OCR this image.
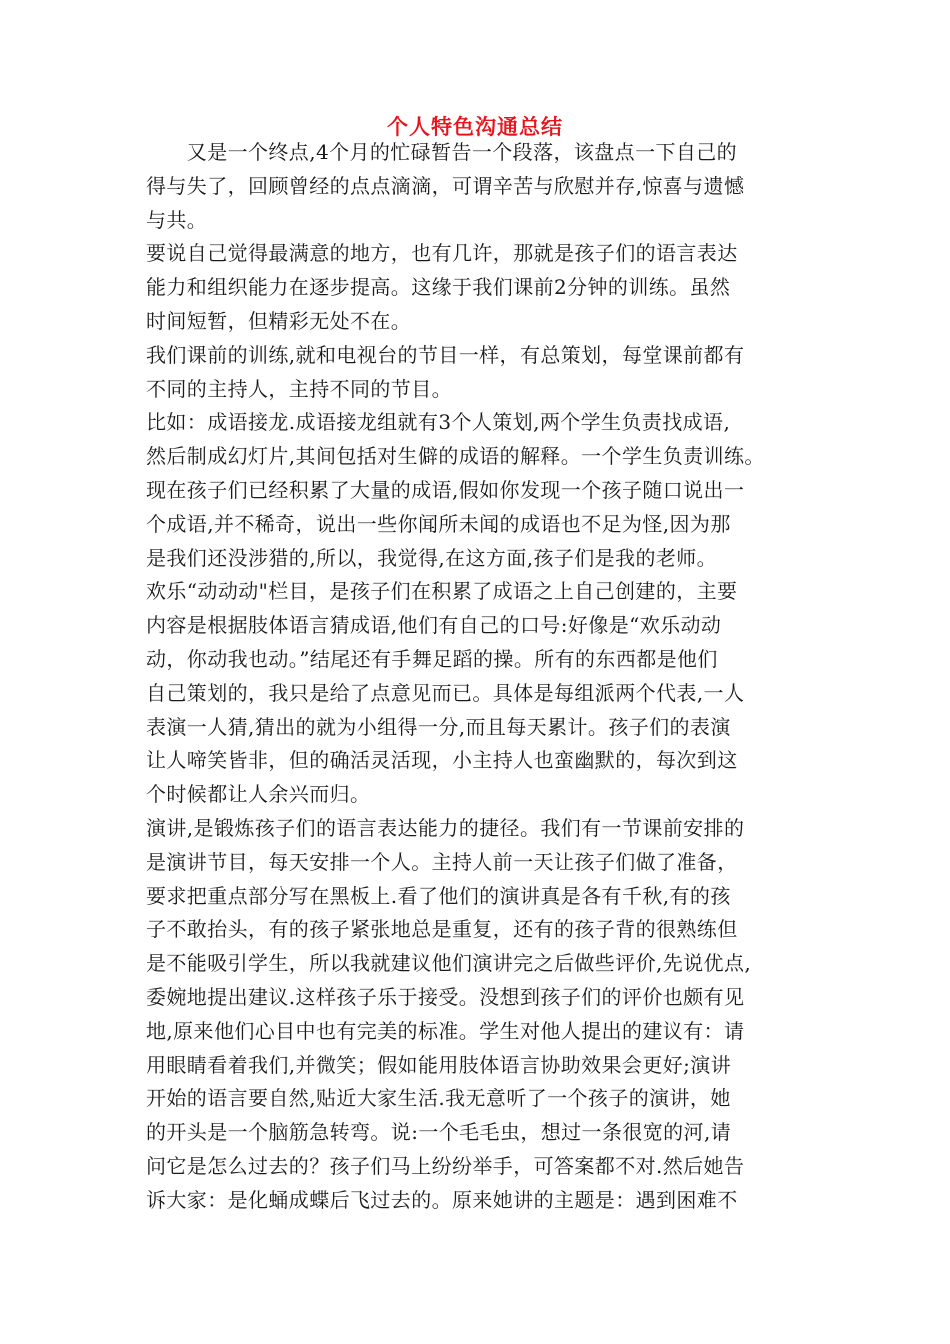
个人特色沟通总结
　　又是一个终点,4个月的忙碌暂告一个段落，该盘点一下自己的
得与失了，回顾曾经的点点滴滴，可谓辛苦与欣慰并存,惊喜与遗憾
与共。
要说自己觉得最满意的地方，也有几许，那就是孩子们的语言表达
能力和组织能力在逐步提高。这缘于我们课前2分钟的训练。虽然
时间短暂，但精彩无处不在。
我们课前的训练,就和电视台的节目一样，有总策划，每堂课前都有
不同的主持人，主持不同的节目。
比如：成语接龙.成语接龙组就有3个人策划,两个学生负责找成语,
然后制成幻灯片,其间包括对生僻的成语的解释。一个学生负责训练。
现在孩子们已经积累了大量的成语,假如你发现一个孩子随口说出一
个成语,并不稀奇，说出一些你闻所未闻的成语也不足为怪,因为那
是我们还没涉猎的,所以，我觉得,在这方面,孩子们是我的老师。
欢乐“动动动"栏目，是孩子们在积累了成语之上自己创建的，主要
内容是根据肢体语言猜成语,他们有自己的口号:好像是“欢乐动动
动，你动我也动。”结尾还有手舞足蹈的操。所有的东西都是他们
自己策划的，我只是给了点意见而已。具体是每组派两个代表,一人
表演一人猜,猜出的就为小组得一分,而且每天累计。孩子们的表演
让人啼笑皆非，但的确活灵活现，小主持人也蛮幽默的，每次到这
个时候都让人余兴而归。
演讲,是锻炼孩子们的语言表达能力的捷径。我们有一节课前安排的
是演讲节目，每天安排一个人。主持人前一天让孩子们做了准备，
要求把重点部分写在黑板上.看了他们的演讲真是各有千秋,有的孩
子不敢抬头，有的孩子紧张地总是重复，还有的孩子背的很熟练但
是不能吸引学生，所以我就建议他们演讲完之后做些评价,先说优点,
委婉地提出建议.这样孩子乐于接受。没想到孩子们的评价也颇有见
地,原来他们心目中也有完美的标准。学生对他人提出的建议有：请
用眼睛看着我们,并微笑；假如能用肢体语言协助效果会更好;演讲
开始的语言要自然,贴近大家生活.我无意听了一个孩子的演讲，她
的开头是一个脑筋急转弯。说:一个毛毛虫，想过一条很宽的河,请
问它是怎么过去的？孩子们马上纷纷举手，可答案都不对.然后她告
诉大家：是化蛹成蝶后飞过去的。原来她讲的主题是：遇到困难不
